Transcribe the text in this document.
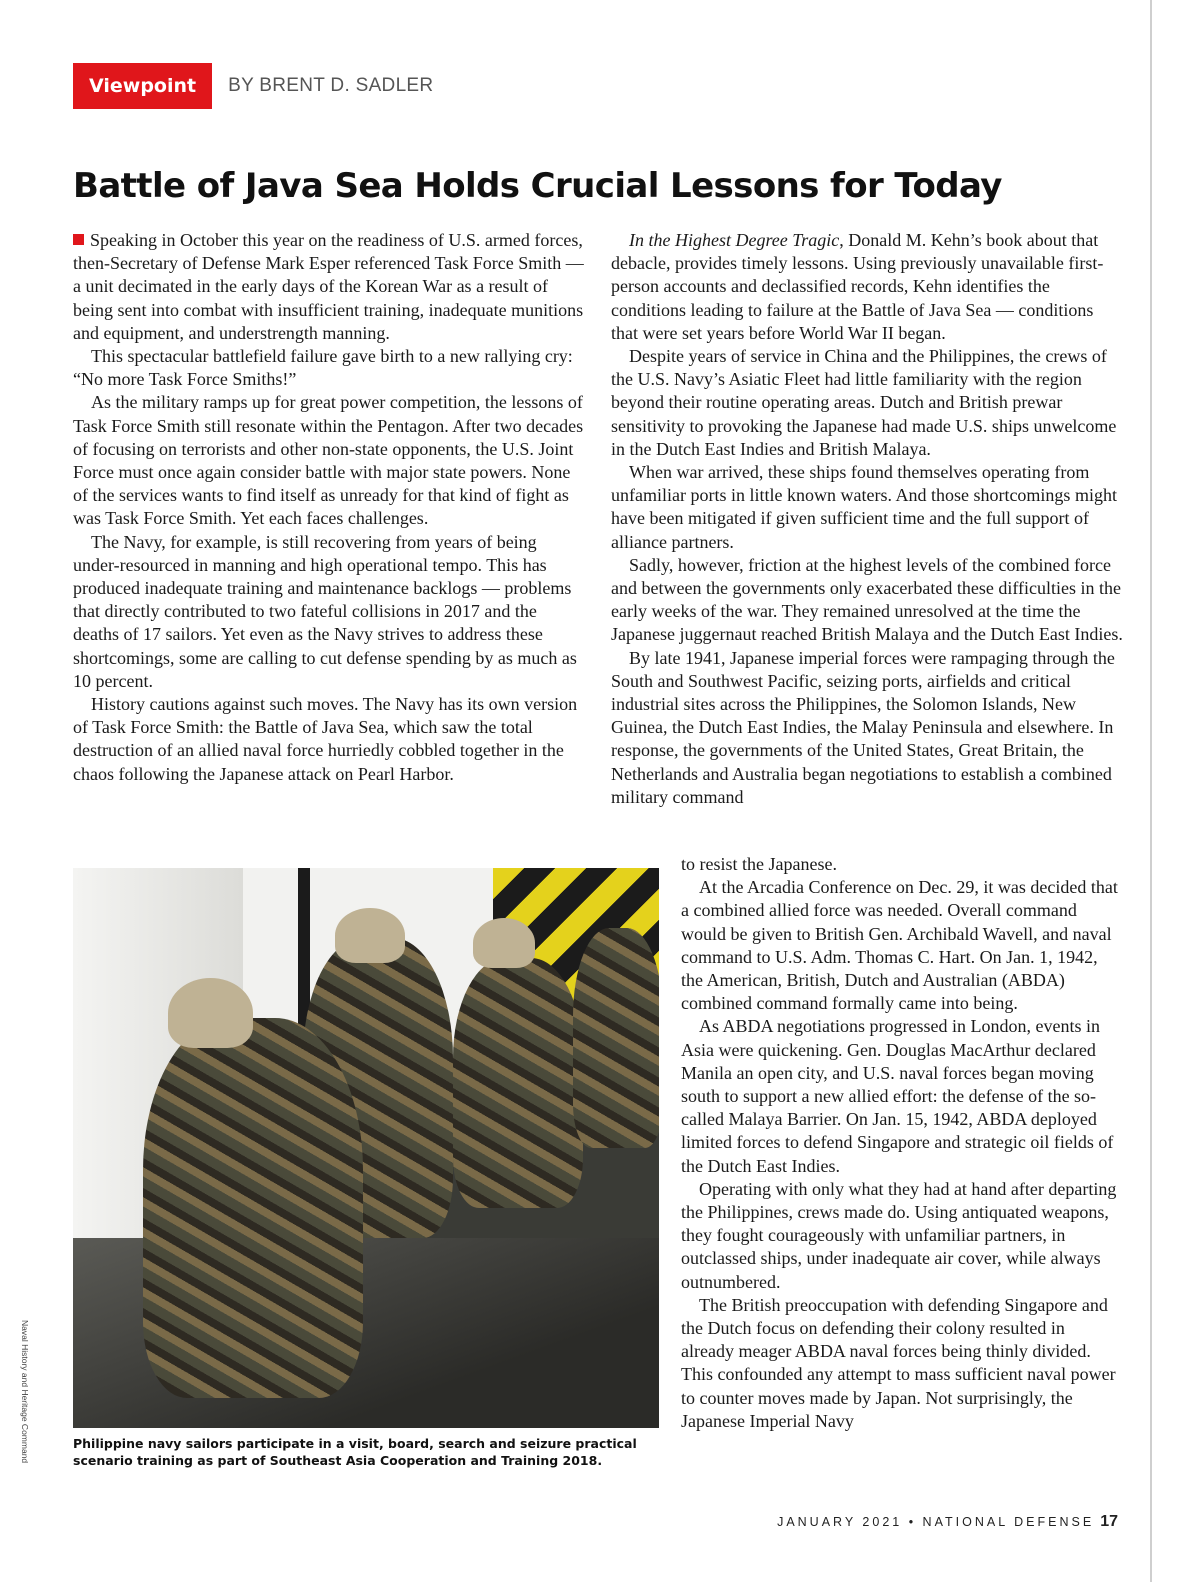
Viewpoint	BY BRENT D. SADLER
Battle of Java Sea Holds Crucial Lessons for Today

Speaking in October this year on the readiness of U.S. armed forces, then-Secretary of Defense Mark Esper referenced Task Force Smith — a unit decimated in the early days of the Korean War as a result of being sent into combat with insufficient training, inadequate munitions and equipment, and understrength manning.

This spectacular battlefield failure gave birth to a new rallying cry: “No more Task Force Smiths!”

As the military ramps up for great power competition, the lessons of Task Force Smith still resonate within the Pentagon. After two decades of focusing on terrorists and other non-state opponents, the U.S. Joint Force must once again consider battle with major state powers. None of the services wants to find itself as unready for that kind of fight as was Task Force Smith. Yet each faces challenges.

The Navy, for example, is still recovering from years of being under-resourced in manning and high operational tempo. This has produced inadequate training and maintenance backlogs — problems that directly contributed to two fateful collisions in 2017 and the deaths of 17 sailors. Yet even as the Navy strives to address these shortcomings, some are calling to cut defense spending by as much as 10 percent.

History cautions against such moves. The Navy has its own version of Task Force Smith: the Battle of Java Sea, which saw the total destruction of an allied naval force hurriedly cobbled together in the chaos following the Japanese attack on Pearl Harbor.

In the Highest Degree Tragic, Donald M. Kehn’s book about that debacle, provides timely lessons. Using previously unavailable first-person accounts and declassified records, Kehn identifies the conditions leading to failure at the Battle of Java Sea — conditions that were set years before World War II began.

Despite years of service in China and the Philippines, the crews of the U.S. Navy’s Asiatic Fleet had little familiarity with the region beyond their routine operating areas. Dutch and British prewar sensitivity to provoking the Japanese had made U.S. ships unwelcome in the Dutch East Indies and British Malaya.

When war arrived, these ships found themselves operating from unfamiliar ports in little known waters. And those shortcomings might have been mitigated if given sufficient time and the full support of alliance partners.

Sadly, however, friction at the highest levels of the combined force and between the governments only exacerbated these difficulties in the early weeks of the war. They remained unresolved at the time the Japanese juggernaut reached British Malaya and the Dutch East Indies.

By late 1941, Japanese imperial forces were rampaging through the South and Southwest Pacific, seizing ports, airfields and critical industrial sites across the Philippines, the Solomon Islands, New Guinea, the Dutch East Indies, the Malay Peninsula and elsewhere. In response, the governments of the United States, Great Britain, the Netherlands and Australia began negotiations to establish a combined military command

to resist the Japanese.

At the Arcadia Conference on Dec. 29, it was decided that a combined allied force was needed. Overall command would be given to British Gen. Archibald Wavell, and naval command to U.S. Adm. Thomas C. Hart. On Jan. 1, 1942, the American, British, Dutch and Australian (ABDA) combined command formally came into being.

As ABDA negotiations progressed in London, events in Asia were quickening. Gen. Douglas MacArthur declared Manila an open city, and U.S. naval forces began moving south to support a new allied effort: the defense of the so-called Malaya Barrier. On Jan. 15, 1942, ABDA deployed limited forces to defend Singapore and strategic oil fields of the Dutch East Indies.

Operating with only what they had at hand after departing the Philippines, crews made do. Using antiquated weapons, they fought courageously with unfamiliar partners, in outclassed ships, under inadequate air cover, while always outnumbered.

The British preoccupation with defending Singapore and the Dutch focus on defending their colony resulted in already meager ABDA naval forces being thinly divided. This confounded any attempt to mass sufficient naval power to counter moves made by Japan. Not surprisingly, the Japanese Imperial Navy

Philippine navy sailors participate in a visit, board, search and seizure practical scenario training as part of Southeast Asia Cooperation and Training 2018.

Naval History and Heritage Command
JANUARY 2021 • NATIONAL DEFENSE 17
